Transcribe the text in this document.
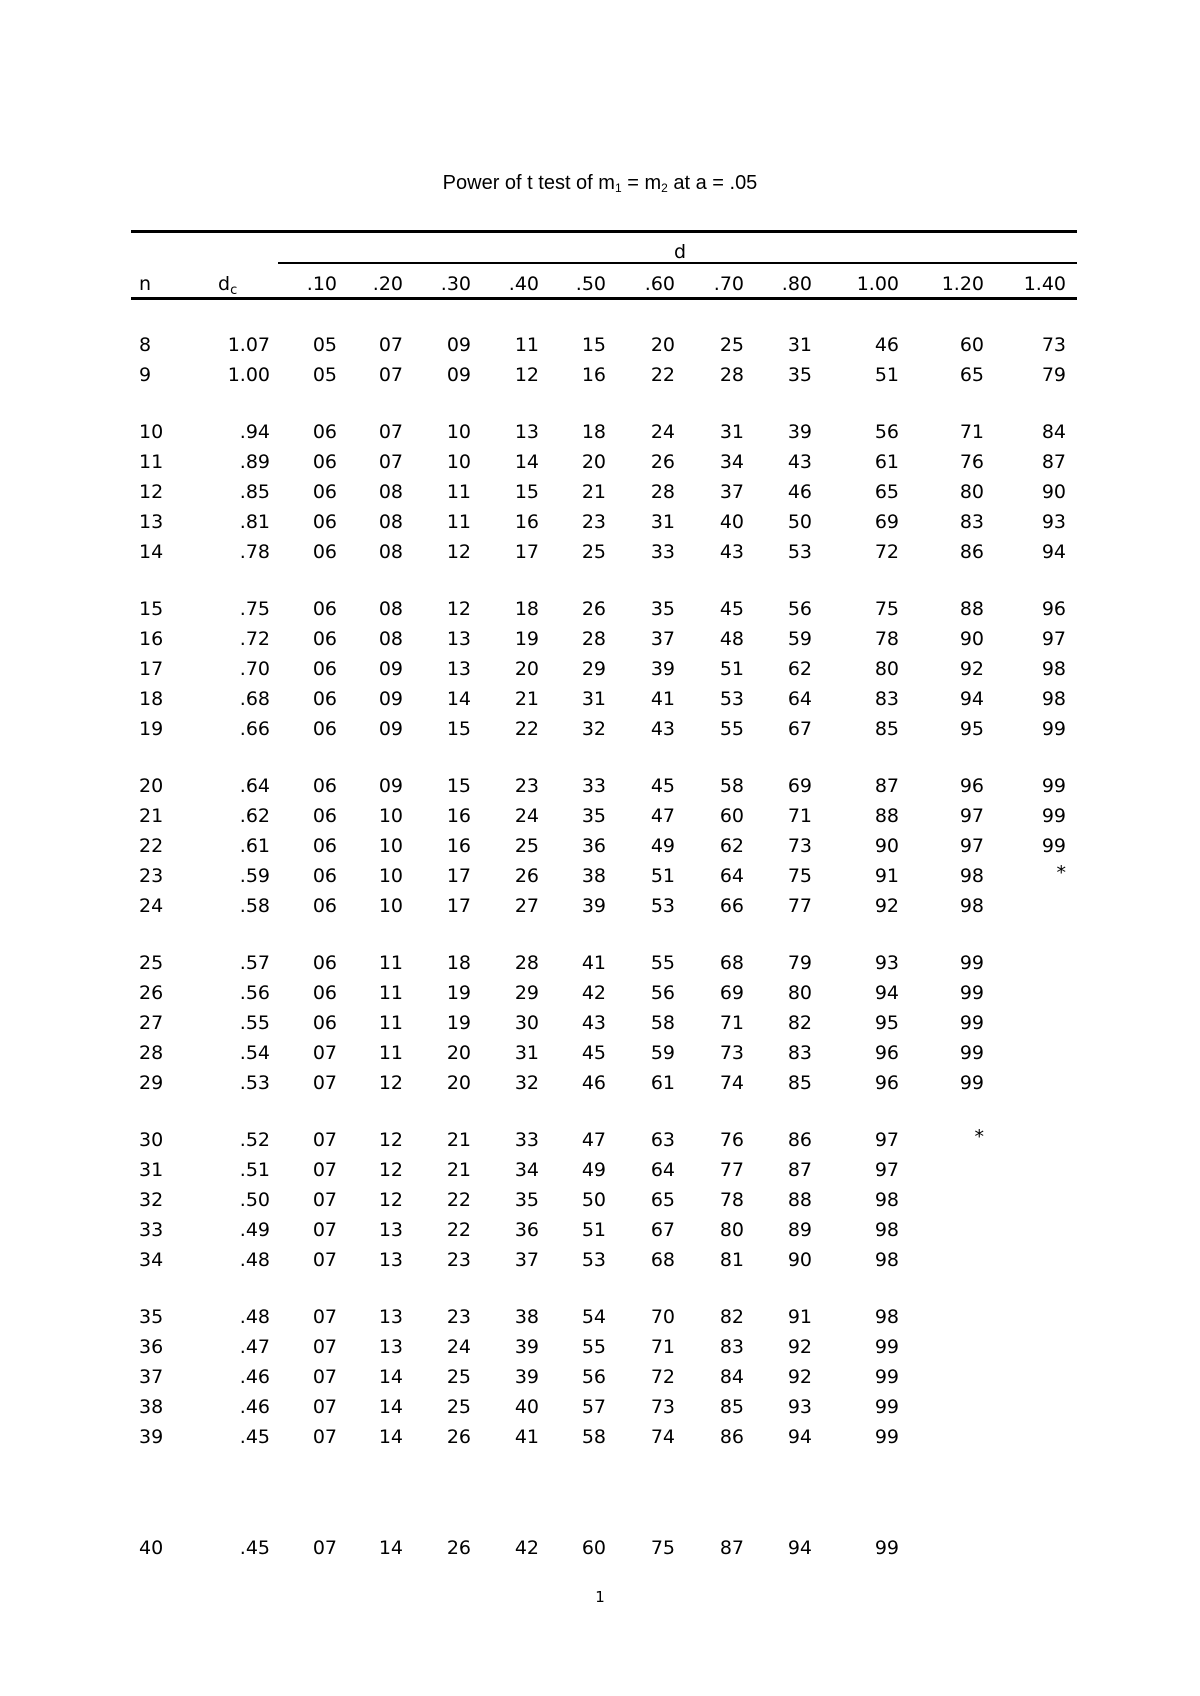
Power of t test of $m_1 = m_2$ at a = .05
d
n	$d_c$	.10	.20	.30	.40	.50	.60	.70	.80	1.00	1.20	1.40
8	1.07	05	07	09	11	15	20	25	31	46	60	73
9	1.00	05	07	09	12	16	22	28	35	51	65	79
10	.94	06	07	10	13	18	24	31	39	56	71	84
11	.89	06	07	10	14	20	26	34	43	61	76	87
12	.85	06	08	11	15	21	28	37	46	65	80	90
13	.81	06	08	11	16	23	31	40	50	69	83	93
14	.78	06	08	12	17	25	33	43	53	72	86	94
15	.75	06	08	12	18	26	35	45	56	75	88	96
16	.72	06	08	13	19	28	37	48	59	78	90	97
17	.70	06	09	13	20	29	39	51	62	80	92	98
18	.68	06	09	14	21	31	41	53	64	83	94	98
19	.66	06	09	15	22	32	43	55	67	85	95	99
20	.64	06	09	15	23	33	45	58	69	87	96	99
21	.62	06	10	16	24	35	47	60	71	88	97	99
22	.61	06	10	16	25	36	49	62	73	90	97	99
23	.59	06	10	17	26	38	51	64	75	91	98	*
24	.58	06	10	17	27	39	53	66	77	92	98
25	.57	06	11	18	28	41	55	68	79	93	99
26	.56	06	11	19	29	42	56	69	80	94	99
27	.55	06	11	19	30	43	58	71	82	95	99
28	.54	07	11	20	31	45	59	73	83	96	99
29	.53	07	12	20	32	46	61	74	85	96	99
30	.52	07	12	21	33	47	63	76	86	97	*
31	.51	07	12	21	34	49	64	77	87	97
32	.50	07	12	22	35	50	65	78	88	98
33	.49	07	13	22	36	51	67	80	89	98
34	.48	07	13	23	37	53	68	81	90	98
35	.48	07	13	23	38	54	70	82	91	98
36	.47	07	13	24	39	55	71	83	92	99
37	.46	07	14	25	39	56	72	84	92	99
38	.46	07	14	25	40	57	73	85	93	99
39	.45	07	14	26	41	58	74	86	94	99
40	.45	07	14	26	42	60	75	87	94	99
1
